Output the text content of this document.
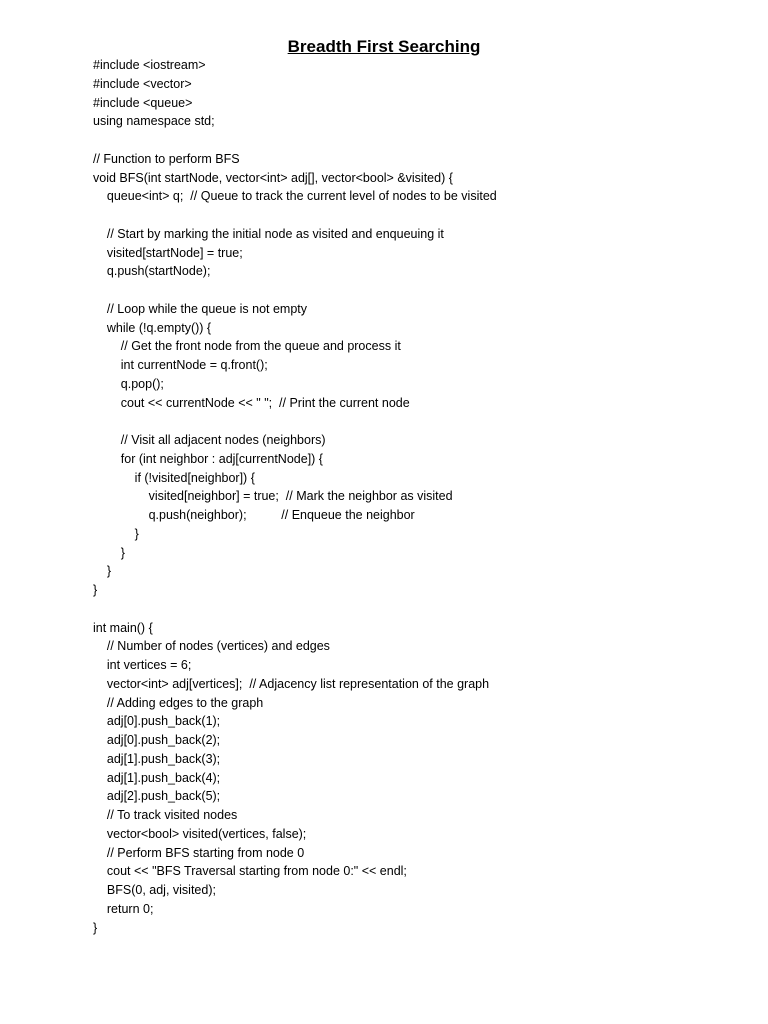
Breadth First Searching
#include <iostream>
#include <vector>
#include <queue>
using namespace std;
// Function to perform BFS
void BFS(int startNode, vector<int> adj[], vector<bool> &visited) {
queue<int> q;  // Queue to track the current level of nodes to be visited
// Start by marking the initial node as visited and enqueuing it
visited[startNode] = true;
q.push(startNode);
// Loop while the queue is not empty
while (!q.empty()) {
// Get the front node from the queue and process it
int currentNode = q.front();
q.pop();
cout << currentNode << " ";  // Print the current node
// Visit all adjacent nodes (neighbors)
for (int neighbor : adj[currentNode]) {
if (!visited[neighbor]) {
visited[neighbor] = true;  // Mark the neighbor as visited
q.push(neighbor);          // Enqueue the neighbor
}
}
}
}
int main() {
// Number of nodes (vertices) and edges
int vertices = 6;
vector<int> adj[vertices];  // Adjacency list representation of the graph
// Adding edges to the graph
adj[0].push_back(1);
adj[0].push_back(2);
adj[1].push_back(3);
adj[1].push_back(4);
adj[2].push_back(5);
// To track visited nodes
vector<bool> visited(vertices, false);
// Perform BFS starting from node 0
cout << "BFS Traversal starting from node 0:" << endl;
BFS(0, adj, visited);
return 0;
}
